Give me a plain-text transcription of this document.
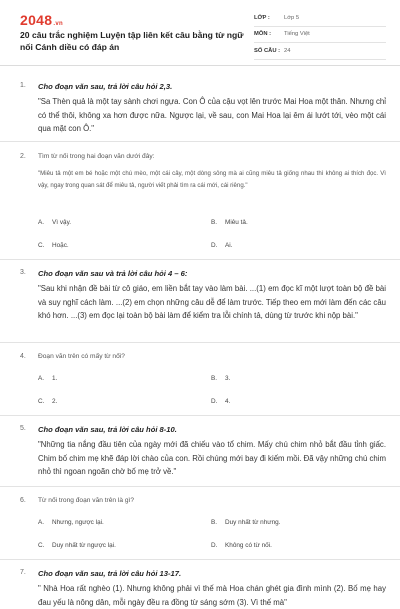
2048.vn
20 câu trắc nghiệm Luyện tập liên kết câu bằng từ ngữ nối Cánh diều có đáp án
LỚP :	Lớp 5
MÔN :	Tiếng Việt
SỐ CÂU : 24
1. Cho đoạn văn sau, trả lời câu hỏi 2,3.
"Sa Thèn quả là một tay sành chơi ngựa. Con Ô của cậu vọt lên trước Mai Hoa một thân. Nhưng chỉ có thể thôi, không xa hơn được nữa. Ngược lại, về sau, con Mai Hoa lại êm ái lướt tới, vèo một cái qua mặt con Ô."
2. Tìm từ nối trong hai đoạn văn dưới đây:
"Miêu tả một em bé hoặc một chú mèo, một cái cây, một dòng sông mà ai cũng miêu tả giống nhau thì không ai thích đọc. Vì vậy, ngay trong quan sát để miêu tả, người viết phải tìm ra cái mới, cái riêng."
A. Vì vậy.	B. Miêu tả.
C. Hoặc.	D. Ai.
3. Cho đoạn văn sau và trả lời câu hỏi 4 – 6:
"Sau khi nhận đề bài từ cô giáo, em liền bắt tay vào làm bài. ...(1) em đọc kĩ một lượt toàn bộ đề bài và suy nghĩ cách làm. ...(2) em chọn những câu dễ để làm trước. Tiếp theo em mới làm đến các câu khó hơn. ...(3) em đọc lại toàn bộ bài làm để kiểm tra lỗi chính tả, dùng từ trước khi nộp bài."
4. Đoạn văn trên có mấy từ nối?
A. 1.	B. 3.
C. 2.	D. 4.
5. Cho đoạn văn sau, trả lời câu hỏi 8-10.
"Những tia nắng đầu tiên của ngày mới đã chiếu vào tổ chim. Mấy chú chim nhỏ bắt đầu tỉnh giấc. Chim bố chim mẹ khẽ đáp lời chào của con. Rồi chúng mới bay đi kiếm mồi. Đã vậy những chú chim nhỏ thì ngoan ngoãn chờ bố mẹ trở về."
6. Từ nối trong đoạn văn trên là gì?
A. Nhưng, ngược lại.	B. Duy nhất từ nhưng.
C. Duy nhất từ ngược lại.	D. Không có từ nối.
7. Cho đoạn văn sau, trả lời câu hỏi 13-17.
" Nhà Hoa rất nghèo (1). Nhưng không phải vì thế mà Hoa chán ghét gia đình mình (2). Bố mẹ hay đau yếu là nông dân, mỗi ngày đều ra đồng từ sáng sớm (3). Vì thế mà"
